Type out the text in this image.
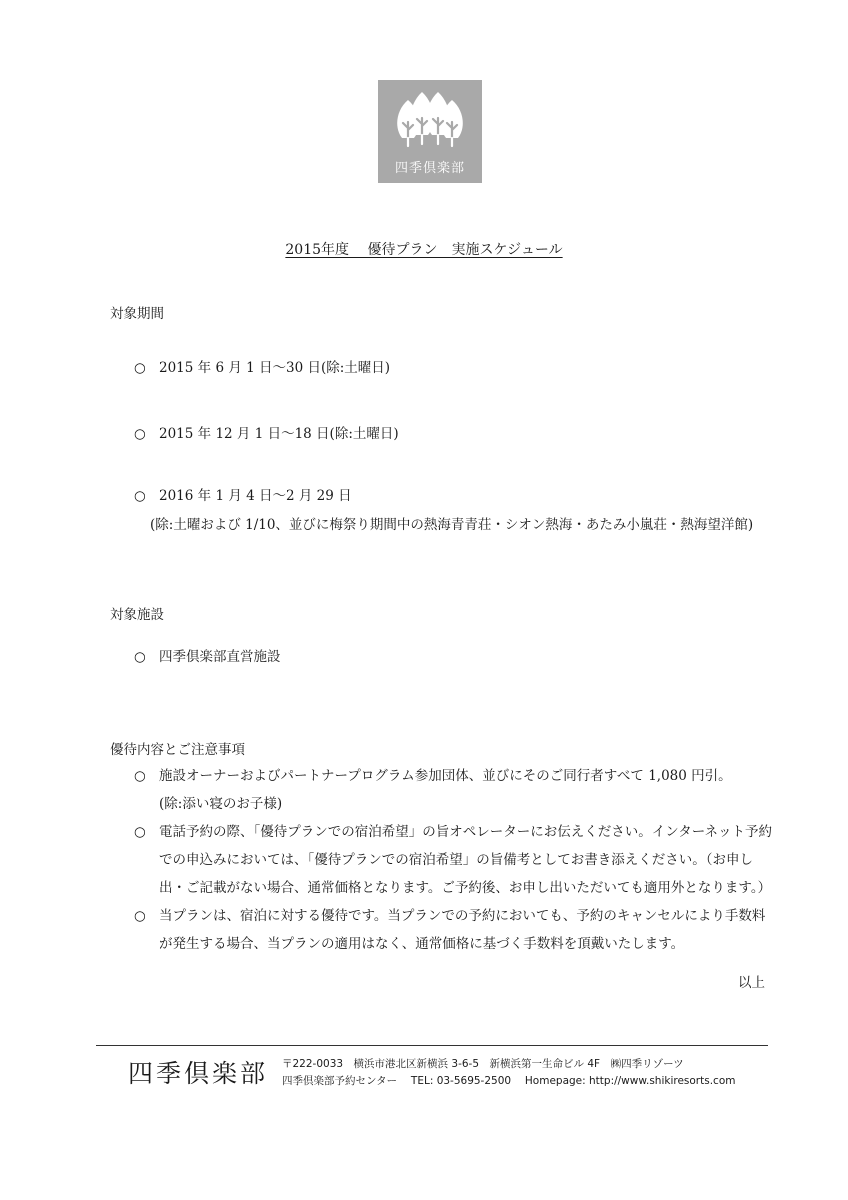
四季倶楽部
2015年度　 優待プラン　実施スケジュール
対象期間
○ 2015 年 6 月 1 日～30 日(除:土曜日)
○ 2015 年 12 月 1 日～18 日(除:土曜日)
○ 2016 年 1 月 4 日～2 月 29 日
(除:土曜および 1/10、並びに梅祭り期間中の熱海青青荘・シオン熱海・あたみ小嵐荘・熱海望洋館)
対象施設
○ 四季倶楽部直営施設
優待内容とご注意事項
○ 施設オーナーおよびパートナープログラム参加団体、並びにそのご同行者すべて 1,080 円引。
(除:添い寝のお子様)
○ 電話予約の際、「優待プランでの宿泊希望」の旨オペレーターにお伝えください。インターネット予約
での申込みにおいては、「優待プランでの宿泊希望」の旨備考としてお書き添えください。（お申し
出・ご記載がない場合、通常価格となります。ご予約後、お申し出いただいても適用外となります。）
○ 当プランは、宿泊に対する優待です。当プランでの予約においても、予約のキャンセルにより手数料
が発生する場合、当プランの適用はなく、通常価格に基づく手数料を頂戴いたします。
以上
四季倶楽部 〒222-0033　横浜市港北区新横浜 3-6-5　新横浜第一生命ビル 4F　㈱四季リゾーツ
四季倶楽部予約センター　 TEL: 03-5695-2500　 Homepage: http://www.shikiresorts.com
